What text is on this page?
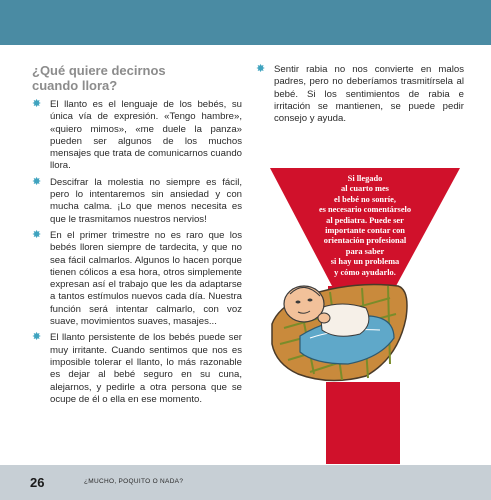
¿Qué quiere decirnos
cuando llora?
✸ El llanto es el lenguaje de los bebés, su única vía de expresión. «Tengo hambre», «quiero mimos», «me duele la panza» pueden ser algunos de los muchos mensajes que trata de comunicarnos cuando llora.
✸ Descifrar la molestia no siempre es fácil, pero lo intentaremos sin ansiedad y con mucha calma. ¡Lo que menos necesita es que le trasmitamos nuestros nervios!
✸ En el primer trimestre no es raro que los bebés lloren siempre de tardecita, y que no sea fácil calmarlos. Algunos lo hacen porque tienen cólicos a esa hora, otros simplemente expresan así el trabajo que les da adaptarse a tantos estímulos nuevos cada día. Nuestra función será intentar calmarlo, con voz suave, movimientos suaves, masajes...
✸ El llanto persistente de los bebés puede ser muy irritante. Cuando sentimos que nos es imposible tolerar el llanto, lo más razonable es dejar al bebé seguro en su cuna, alejarnos, y pedirle a otra persona que se ocupe de él o ella en ese momento.
✸ Sentir rabia no nos convierte en malos padres, pero no deberíamos trasmitírsela al bebé. Si los sentimientos de rabia e irritación se mantienen, se puede pedir consejo y ayuda.
Si llegado
al cuarto mes
el bebé no sonríe,
es necesario comentárselo
al pediatra. Puede ser
importante contar con
orientación profesional
para saber
si hay un problema
y cómo ayudarlo.
26	¿MUCHO, POQUITO O NADA?
